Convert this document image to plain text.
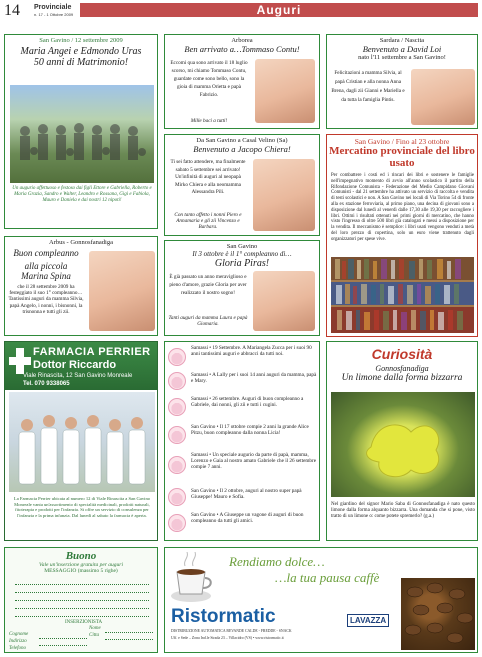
14 Provinciale
n. 17 - 1 Ottobre 2009	Auguri
San Gavino / 12 settembre 2009
Maria Angei e Edmondo Uras
50 anni di Matrimonio!
Un augurio affettuoso e festoso dai figli Ettore e Gabriella, Roberto e Maria Grazia, Sandro e Walter, Leandro e Rossana, Gigi e Fabiola, Mauro e Daniela e dai nostri 12 nipoti!
Arborea
Ben arrivato a…Tommaso Contu!
Eccomi qua sono arrivato il 18 luglio scorso, mi chiamo Tommaso Contu, guardate come sono bello, sono la gioia di mamma Orietta e papà Fabrizio.
Mille baci a tutti!
Sardara / Nascita
Benvenuto a David Loi
nato l'11 settembre a San Gavino!
Felicitazioni a mamma Silvia, al papà Cristian e alla nonna Anna Brena, dagli zii Gianni e Mariella e da tutta la famiglia Pintis.
Da San Gavino a Casal Velino (Sa)
Benvenuto a Jacopo Chiera!
Ti sei fatto attendere, ma finalmente sabato 5 settembre sei arrivato! Un'infinità di auguri al neopapà Mirko Chiera e alla neomamma Alessandra Pili.
Con tanto affetto i nonni Piero e Annamaria e gli zii Vincenzo e Barbara.
San Gavino / Fino al 23 ottobre
Mercatino provinciale del libro usato
Per combattere i costi ed i rincari dei libri e sostenere le famiglie nell'impegnativo momento di avvio all'anno scolastico il partito della Rifondazione Comunista - Federazione del Medio Campidano Giovani Comunisti - dal 21 settembre ha attivato un servizio di raccolta e vendita di testi scolastici e non. A San Gavino nei locali di Via Torino 54 di fronte alla ex stazione ferroviaria, al primo piano, una decina di giovani sono a disposizione dal lunedì al venerdì dalle 17,30 alle 19,30 per raccogliere i libri. Ottimi i risultati ottenuti nei primi giorni di mercatino, che hanno visto l'ingresso di oltre 500 libri già catalogati e messi a disposizione per la vendita. Il meccanismo è semplice: i libri usati vengono venduti a metà del loro prezzo di copertina, solo un euro viene trattenuto dagli organizzatori per spese vive.
Arbus - Gonnosfanadiga
Buon compleanno
alla piccola
Marina Spina
che il 28 settembre 2009 ha festeggiato il suo 1° compleanno… Tantissimi auguri da mamma Silvia, papà Angelo, i nonni, i bisnonni, la trisnonna e tutti gli zii.
San Gavino
Il 3 ottobre è il 1° compleanno di…
Gloria Piras!
È già passato un anno meraviglioso e pieno d'amore, grazie Gloria per aver realizzato il nostro sogno!
Tanti auguri da mamma Laura e papà Giomaria.
FARMACIA PERRIER
Dottor Riccardo
Viale Rinascita, 12 San Gavino Monreale
Tel. 070 9338065
La Farmacia Perrier ubicata al numero 12 di Viale Rinascita a San Gavino Monreale vanta un'assortimento di specialità medicinali, prodotti naturali, fitoterapia e prodotti per l'infanzia. Si offre un servizio di consulenza per l'infanzia e la prima infanzia. Dal lunedì al sabato la farmacia è aperta.
Samassi • 19 Settembre. A Mariangela Zucca per i suoi 90 anni tantissimi auguri e abbracci da tutti noi.
Samassi • A Lally per i suoi 14 anni auguri da mamma, papà e Mary.
Samassi • 26 settembre. Auguri di buon compleanno a Gabriele, dai nonni, gli zii e tutti i cugini.
San Gavino • Il 17 ottobre compie 2 anni la grande Alice Pitzu, buon compleanno dalla nonna Licia!
Samassi • Un speciale augurio da parte di papà, mamma, Lorenzo e Gaia al nostro amato Gabriele che il 26 settembre compie 7 anni.
San Gavino • Il 2 ottobre, auguri al nostro super papà Giuseppe! Mauro e Sofia.
San Gavino • A Giuseppe un vagone di auguri di buon compleanno da tutti gli amici.
Curiosità
Gonnosfanadiga
Un limone dalla forma bizzarra
Nel giardino del signor Mario Saba di Gonnosfanadiga è nato questo limone dalla forma alquanto bizzarra. Una domanda che si pone, visto tratto di un limone o: come potete spremerlo? (g.a.)
Buono
Vale un'inserzione gratuita per auguri
MESSAGGIO (massimo 5 righe)
INSERZIONISTA
Nome
Citta
Cognome
Indirizzo
Telefono
Rendiamo dolce…
…la tua pausa caffè
Ristormatic
DISTRIBUZIONE AUTOMATICA BEVANDE CALDE - FREDDE - SNACK
Uff. e Sede – Zona Ind.le Strada 23 – Villacidro (VS) • www.ristormatic.it
LAVAZZA
